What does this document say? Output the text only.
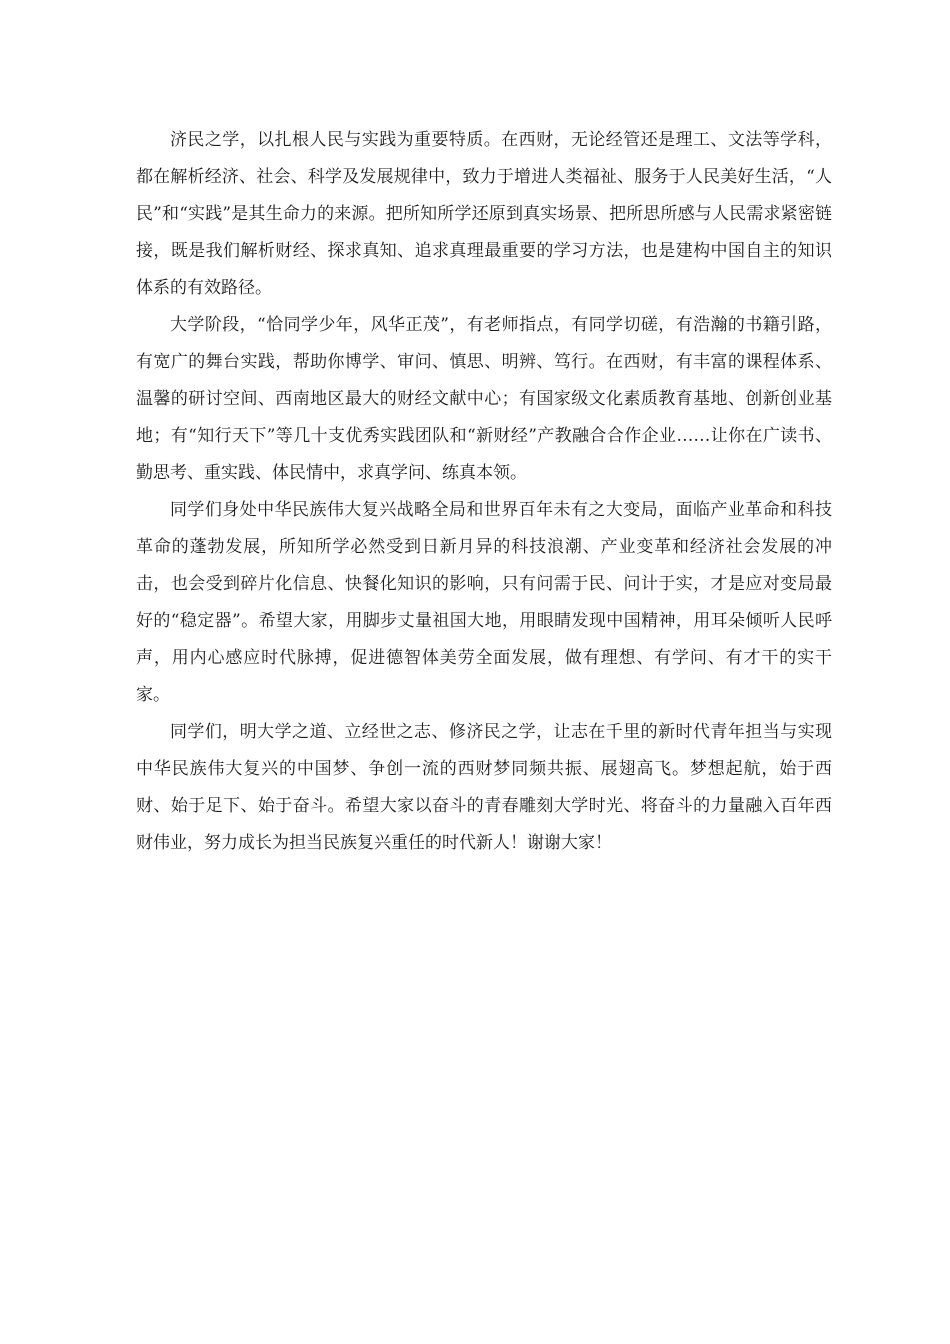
济民之学，以扎根人民与实践为重要特质。在西财，无论经管还是理工、文法等学科，都在解析经济、社会、科学及发展规律中，致力于增进人类福祉、服务于人民美好生活，“人民”和“实践”是其生命力的来源。把所知所学还原到真实场景、把所思所感与人民需求紧密链接，既是我们解析财经、探求真知、追求真理最重要的学习方法，也是建构中国自主的知识体系的有效路径。

大学阶段，“恰同学少年，风华正茂”，有老师指点，有同学切磋，有浩瀚的书籍引路，有宽广的舞台实践，帮助你博学、审问、慎思、明辨、笃行。在西财，有丰富的课程体系、温馨的研讨空间、西南地区最大的财经文献中心；有国家级文化素质教育基地、创新创业基地；有“知行天下”等几十支优秀实践团队和“新财经”产教融合合作企业……让你在广读书、勤思考、重实践、体民情中，求真学问、练真本领。

同学们身处中华民族伟大复兴战略全局和世界百年未有之大变局，面临产业革命和科技革命的蓬勃发展，所知所学必然受到日新月异的科技浪潮、产业变革和经济社会发展的冲击，也会受到碎片化信息、快餐化知识的影响，只有问需于民、问计于实，才是应对变局最好的“稳定器”。希望大家，用脚步丈量祖国大地，用眼睛发现中国精神，用耳朵倾听人民呼声，用内心感应时代脉搏，促进德智体美劳全面发展，做有理想、有学问、有才干的实干家。

同学们，明大学之道、立经世之志、修济民之学，让志在千里的新时代青年担当与实现中华民族伟大复兴的中国梦、争创一流的西财梦同频共振、展翅高飞。梦想起航，始于西财、始于足下、始于奋斗。希望大家以奋斗的青春雕刻大学时光、将奋斗的力量融入百年西财伟业，努力成长为担当民族复兴重任的时代新人！谢谢大家！
